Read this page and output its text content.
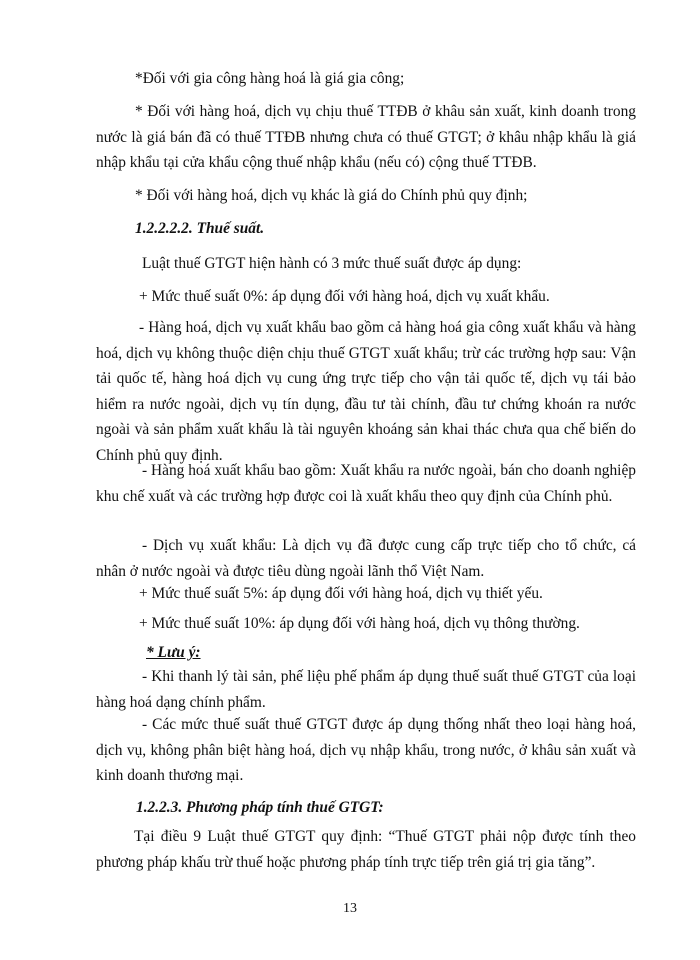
*Đối với gia công hàng hoá là giá gia công;
* Đối với hàng hoá, dịch vụ chịu thuế TTĐB ở khâu sản xuất, kinh doanh trong nước là giá bán đã có thuế TTĐB nhưng chưa có thuế GTGT; ở khâu nhập khẩu là giá nhập khẩu tại cửa khẩu cộng thuế nhập khẩu (nếu có) cộng thuế TTĐB.
* Đối với hàng hoá, dịch vụ khác là giá do Chính phủ quy định;
1.2.2.2.2. Thuế suất.
Luật thuế GTGT hiện hành có 3 mức thuế suất được áp dụng:
+ Mức thuế suất 0%: áp dụng đối với hàng hoá, dịch vụ xuất khẩu.
- Hàng hoá, dịch vụ xuất khẩu bao gồm cả hàng hoá gia công xuất khẩu và hàng hoá, dịch vụ không thuộc diện chịu thuế GTGT xuất khẩu; trừ các trường hợp sau: Vận tải quốc tế, hàng hoá dịch vụ cung ứng trực tiếp cho vận tải quốc tế, dịch vụ tái bảo hiểm ra nước ngoài, dịch vụ tín dụng, đầu tư tài chính, đầu tư chứng khoán ra nước ngoài và sản phẩm xuất khẩu là tài nguyên khoáng sản khai thác chưa qua chế biến do Chính phủ quy định.
- Hàng hoá xuất khẩu bao gồm: Xuất khẩu ra nước ngoài, bán cho doanh nghiệp khu chế xuất và các trường hợp được coi là xuất khẩu theo quy định của Chính phủ.
- Dịch vụ xuất khẩu: Là dịch vụ đã được cung cấp trực tiếp cho tổ chức, cá nhân ở nước ngoài và được tiêu dùng ngoài lãnh thổ Việt Nam.
+ Mức thuế suất 5%: áp dụng đối với hàng hoá, dịch vụ thiết yếu.
+ Mức thuế suất 10%: áp dụng đối với hàng hoá, dịch vụ thông thường.
* Lưu ý:
- Khi thanh lý tài sản, phế liệu phế phẩm áp dụng thuế suất thuế GTGT của loại hàng hoá dạng chính phẩm.
- Các mức thuế suất thuế GTGT được áp dụng thống nhất theo loại hàng hoá, dịch vụ, không phân biệt hàng hoá, dịch vụ nhập khẩu, trong nước, ở khâu sản xuất và kinh doanh thương mại.
1.2.2.3. Phương pháp tính thuế GTGT:
Tại điều 9 Luật thuế GTGT quy định: “Thuế GTGT phải nộp được tính theo phương pháp khấu trừ thuế hoặc phương pháp tính trực tiếp trên giá trị gia tăng”.
13
